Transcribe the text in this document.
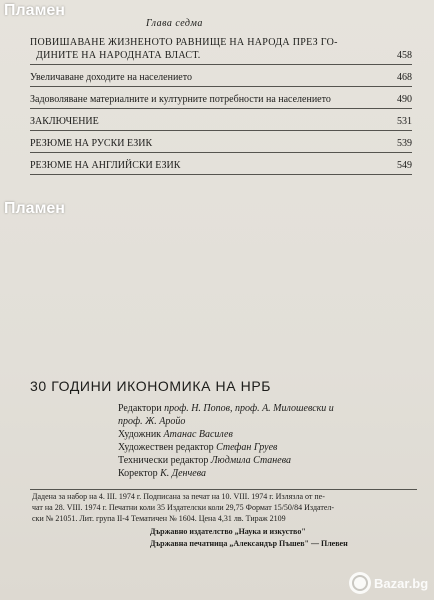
Пламен
Глава седма
ПОВИШАВАНЕ ЖИЗНЕНОТО РАВНИЩЕ НА НАРОДА ПРЕЗ ГО-
ДИНИТЕ НА НАРОДНАТА ВЛАСТ.	458
Увеличаване доходите на населението	468
Задоволяване материалните и културните потребности на населението	490
ЗАКЛЮЧЕНИЕ	531
РЕЗЮМЕ НА РУСКИ ЕЗИК	539
РЕЗЮМЕ НА АНГЛИЙСКИ ЕЗИК	549
Пламен
30 ГОДИНИ ИКОНОМИКА НА НРБ
Редактори проф. Н. Попов, проф. А. Милошевски и
проф. Ж. Аройо
Художник Атанас Василев
Художествен редактор Стефан Груев
Технически редактор Людмила Станева
Коректор К. Денчева
Дадена за набор на 4. III. 1974 г. Подписана за печат на 10. VIII. 1974 г. Излязла от пе-
чат на 28. VIII. 1974 г. Печатни коли 35 Издателски коли 29,75 Формат 15/50/84 Издател-
ски № 21051. Лит. група II-4 Тематичен № 1604. Цена 4,31 лв. Тираж 2109
Държавно издателство „Наука и изкуство"
Държавна печатница „Александър Пъшев" — Плевен
Bazar.bg
